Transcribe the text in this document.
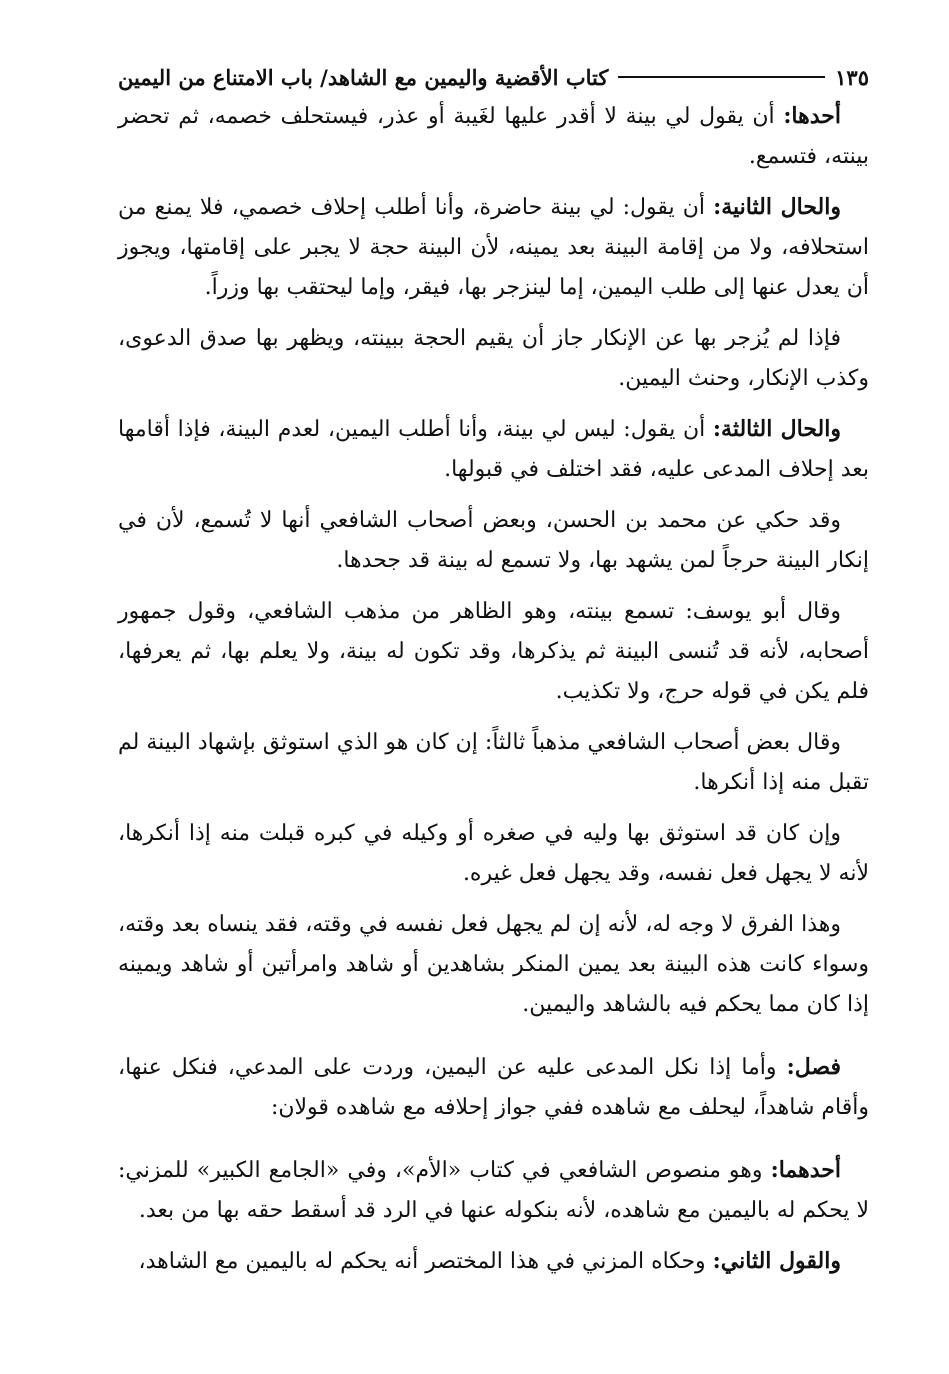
كتاب الأقضية واليمين مع الشاهد/ باب الامتناع من اليمين	١٣٥

أحدها: أن يقول لي بينة لا أقدر عليها لغَيبة أو عذر، فيستحلف خصمه، ثم تحضر بينته، فتسمع.

والحال الثانية: أن يقول: لي بينة حاضرة، وأنا أطلب إحلاف خصمي، فلا يمنع من استحلافه، ولا من إقامة البينة بعد يمينه، لأن البينة حجة لا يجبر على إقامتها، ويجوز أن يعدل عنها إلى طلب اليمين، إما لينزجر بها، فيقر، وإما ليحتقب بها وزراً.

فإذا لم يُزجر بها عن الإنكار جاز أن يقيم الحجة ببينته، ويظهر بها صدق الدعوى، وكذب الإنكار، وحنث اليمين.

والحال الثالثة: أن يقول: ليس لي بينة، وأنا أطلب اليمين، لعدم البينة، فإذا أقامها بعد إحلاف المدعى عليه، فقد اختلف في قبولها.

وقد حكي عن محمد بن الحسن، وبعض أصحاب الشافعي أنها لا تُسمع، لأن في إنكار البينة حرجاً لمن يشهد بها، ولا تسمع له بينة قد جحدها.

وقال أبو يوسف: تسمع بينته، وهو الظاهر من مذهب الشافعي، وقول جمهور أصحابه، لأنه قد تُنسى البينة ثم يذكرها، وقد تكون له بينة، ولا يعلم بها، ثم يعرفها، فلم يكن في قوله حرج، ولا تكذيب.

وقال بعض أصحاب الشافعي مذهباً ثالثاً: إن كان هو الذي استوثق بإشهاد البينة لم تقبل منه إذا أنكرها.

وإن كان قد استوثق بها وليه في صغره أو وكيله في كبره قبلت منه إذا أنكرها، لأنه لا يجهل فعل نفسه، وقد يجهل فعل غيره.

وهذا الفرق لا وجه له، لأنه إن لم يجهل فعل نفسه في وقته، فقد ينساه بعد وقته، وسواء كانت هذه البينة بعد يمين المنكر بشاهدين أو شاهد وامرأتين أو شاهد ويمينه إذا كان مما يحكم فيه بالشاهد واليمين.

فصل: وأما إذا نكل المدعى عليه عن اليمين، وردت على المدعي، فنكل عنها، وأقام شاهداً، ليحلف مع شاهده ففي جواز إحلافه مع شاهده قولان:

أحدهما: وهو منصوص الشافعي في كتاب «الأم»، وفي «الجامع الكبير» للمزني: لا يحكم له باليمين مع شاهده، لأنه بنكوله عنها في الرد قد أسقط حقه بها من بعد.

والقول الثاني: وحكاه المزني في هذا المختصر أنه يحكم له باليمين مع الشاهد،
